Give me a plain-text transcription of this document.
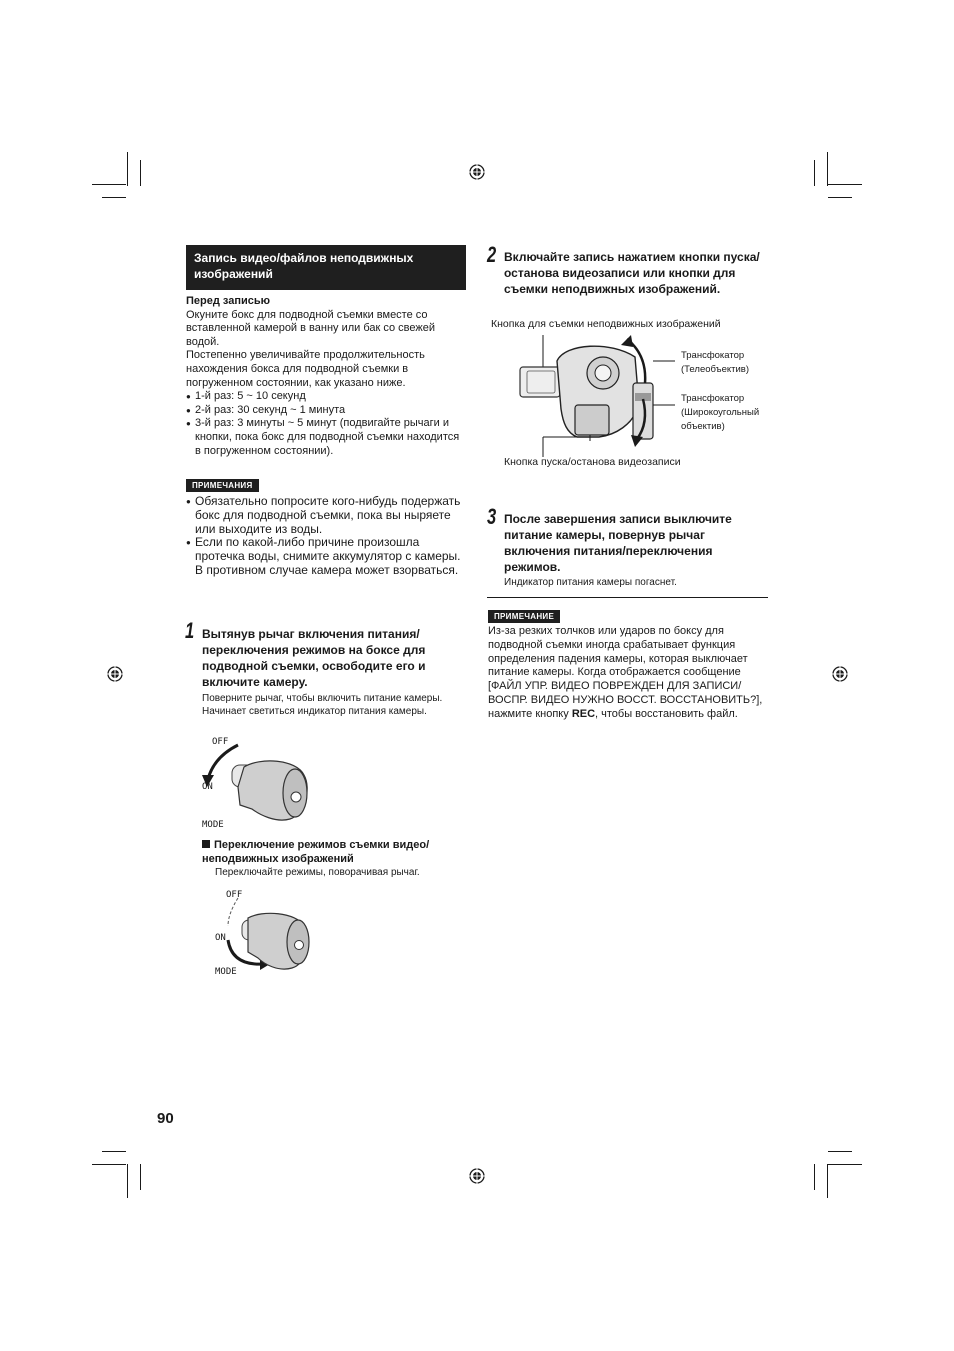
Запись видео/файлов неподвижных изображений
Перед записью
Окуните бокс для подводной съемки вместе со вставленной камерой в ванну или бак со свежей водой.
Постепенно увеличивайте продолжительность нахождения бокса для подводной съемки в погруженном состоянии, как указано ниже.
● 1-й раз: 5 ~ 10 секунд
● 2-й раз: 30 секунд ~ 1 минута
● 3-й раз: 3 минуты ~ 5 минут (подвигайте рычаги и кнопки, пока бокс для подводной съемки находится в погруженном состоянии).
ПРИМЕЧАНИЯ
● Обязательно попросите кого-нибудь подержать бокс для подводной съемки, пока вы ныряете или выходите из воды.
● Если по какой-либо причине произошла протечка воды, снимите аккумулятор с камеры. В противном случае камера может взорваться.
1 Вытянув рычаг включения питания/ переключения режимов на боксе для подводной съемки, освободите его и включите камеру.
Поверните рычаг, чтобы включить питание камеры. Начинает светиться индикатор питания камеры.
OFF
ON
MODE
Переключение режимов съемки видео/ неподвижных изображений
Переключайте режимы, поворачивая рычаг.
OFF
ON
MODE
2 Включайте запись нажатием кнопки пуска/останова видеозаписи или кнопки для съемки неподвижных изображений.
Кнопка для съемки неподвижных изображений
Трансфокатор (Телеобъектив)
Трансфокатор (Широкоугольный объектив)
Кнопка пуска/останова видеозаписи
3 После завершения записи выключите питание камеры, повернув рычаг включения питания/переключения режимов.
Индикатор питания камеры погаснет.
ПРИМЕЧАНИЕ
Из-за резких толчков или ударов по боксу для подводной съемки иногда срабатывает функция определения падения камеры, которая выключает питание камеры. Когда отображается сообщение [ФАЙЛ УПР. ВИДЕО ПОВРЕЖДЕН ДЛЯ ЗАПИСИ/ВОСПР. ВИДЕО НУЖНО ВОССТ. ВОССТАНОВИТЬ?], нажмите кнопку REC, чтобы восстановить файл.
90
